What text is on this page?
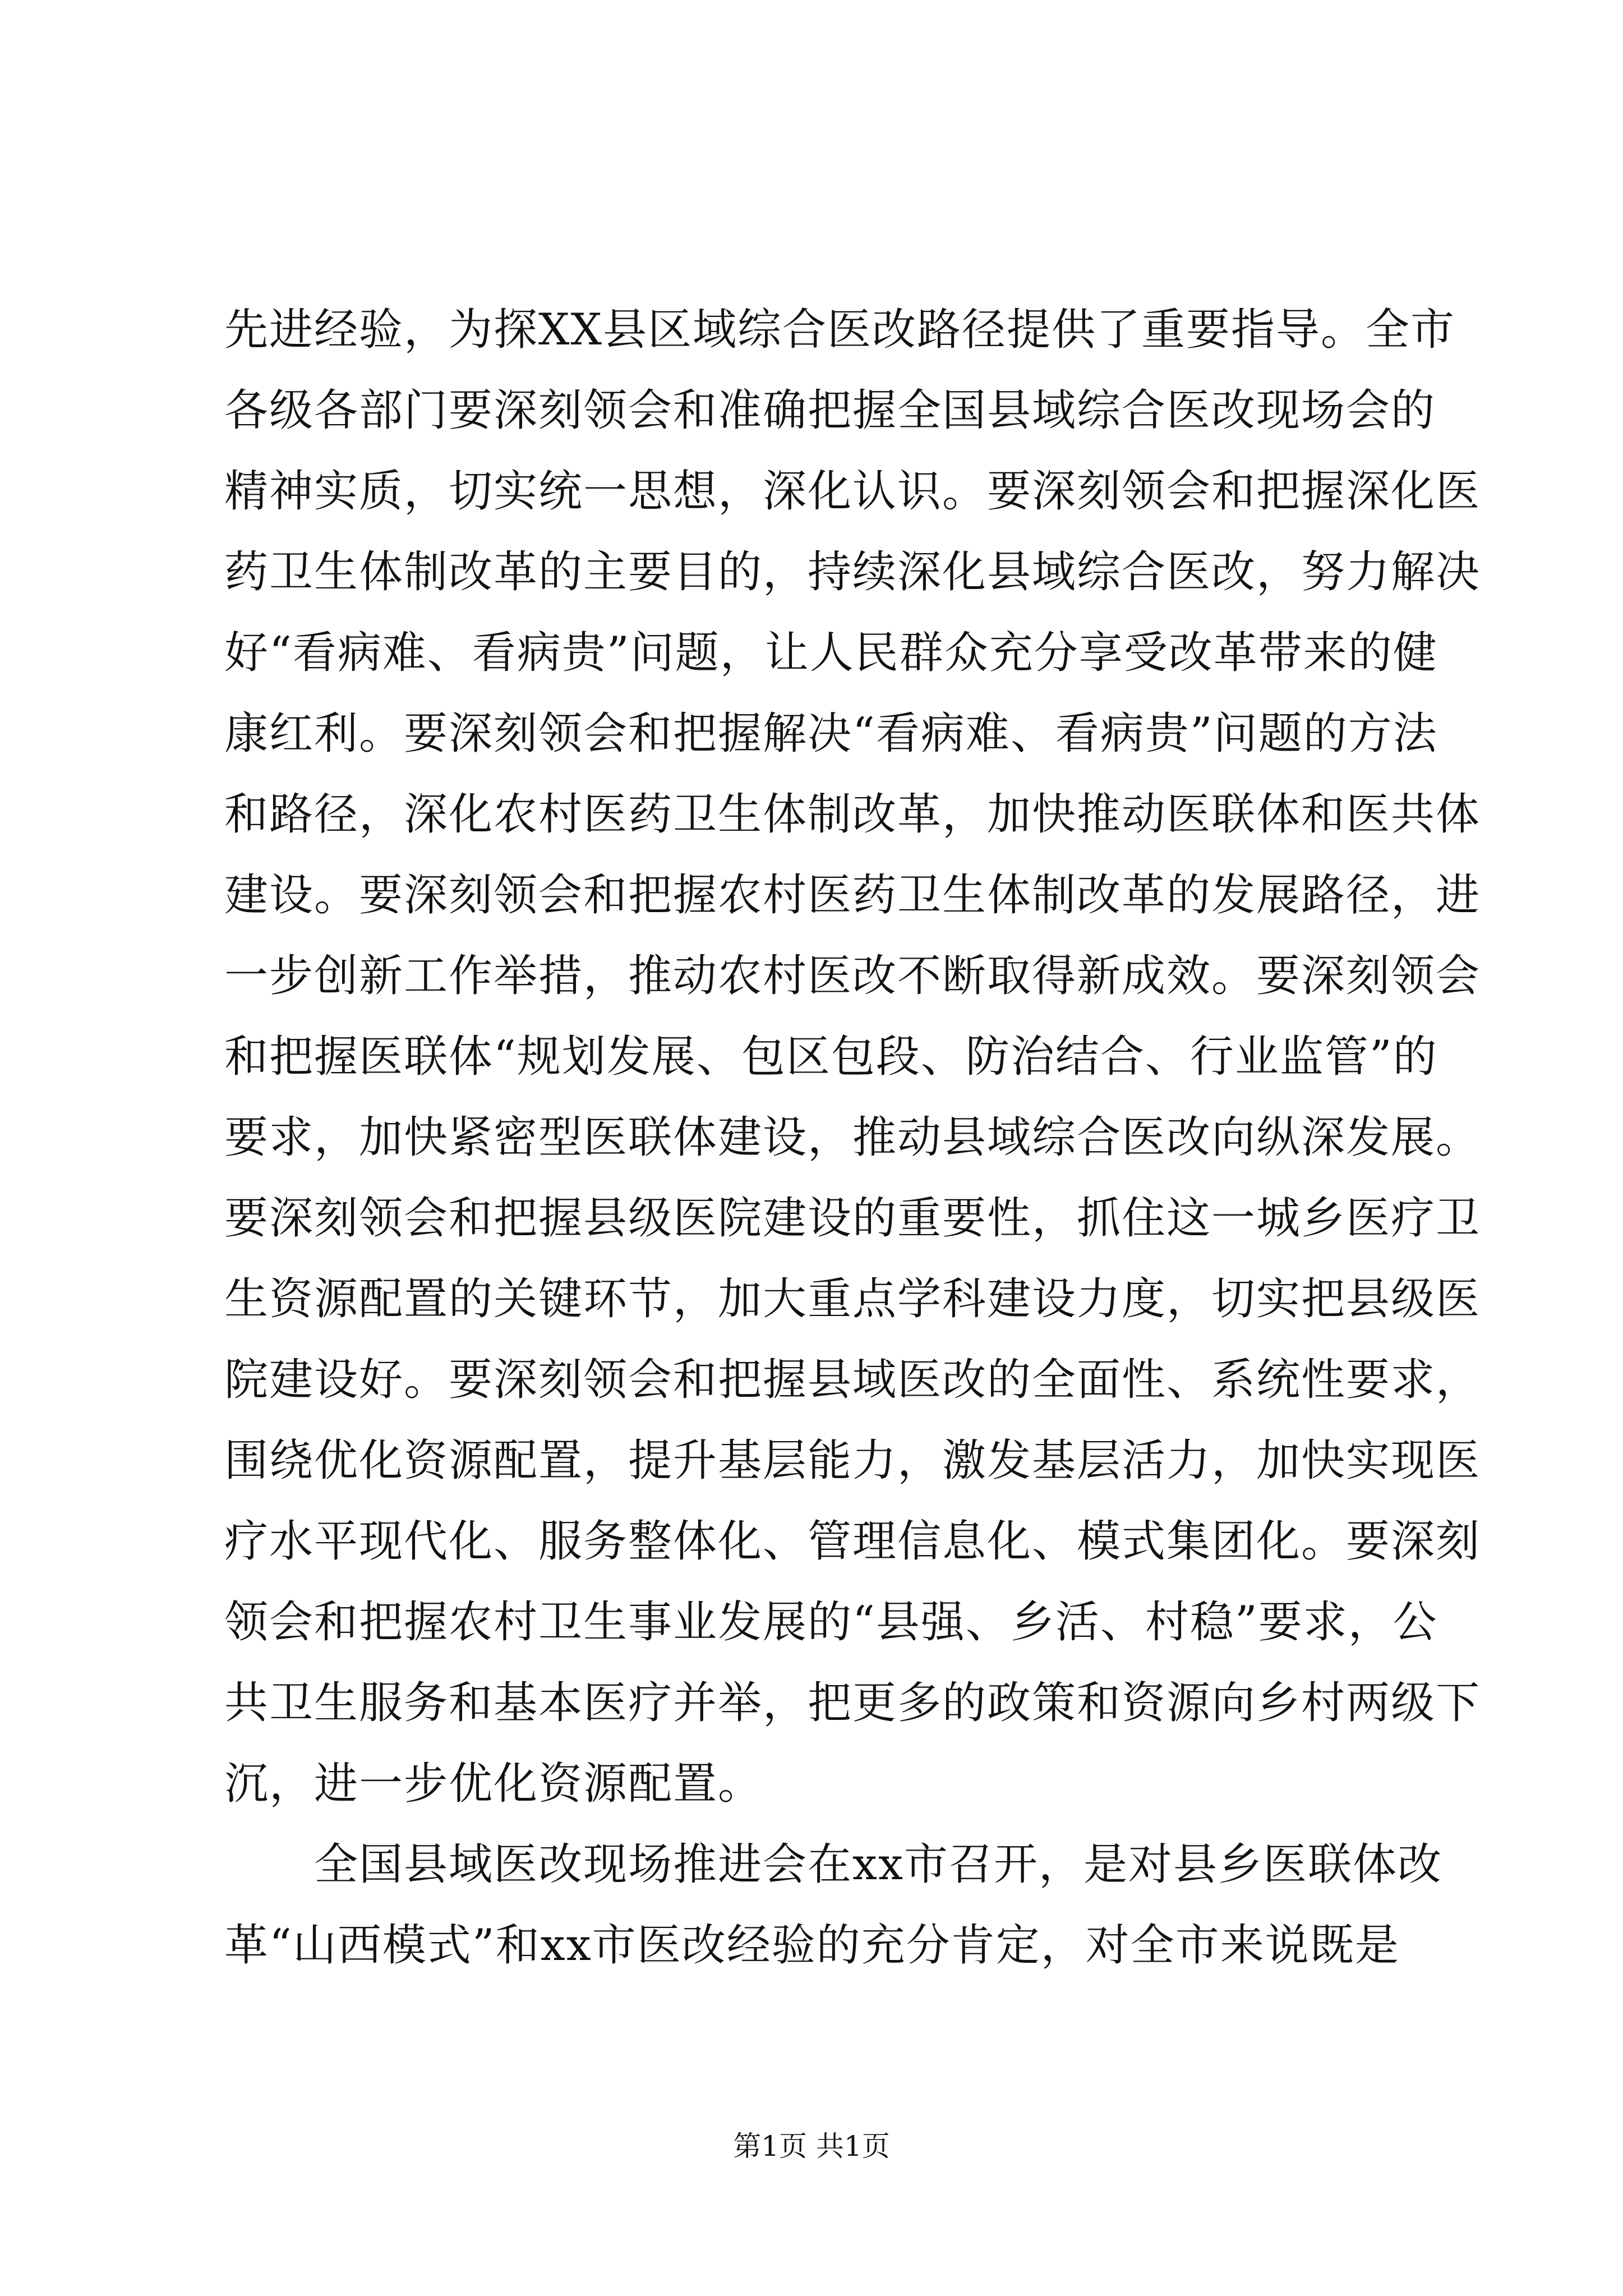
先进经验，为探XX县区域综合医改路径提供了重要指导。全市
各级各部门要深刻领会和准确把握全国县域综合医改现场会的
精神实质，切实统一思想，深化认识。要深刻领会和把握深化医
药卫生体制改革的主要目的，持续深化县域综合医改，努力解决
好“看病难、看病贵”问题，让人民群众充分享受改革带来的健
康红利。要深刻领会和把握解决“看病难、看病贵”问题的方法
和路径，深化农村医药卫生体制改革，加快推动医联体和医共体
建设。要深刻领会和把握农村医药卫生体制改革的发展路径，进
一步创新工作举措，推动农村医改不断取得新成效。要深刻领会
和把握医联体“规划发展、包区包段、防治结合、行业监管”的
要求，加快紧密型医联体建设，推动县域综合医改向纵深发展。
要深刻领会和把握县级医院建设的重要性，抓住这一城乡医疗卫
生资源配置的关键环节，加大重点学科建设力度，切实把县级医
院建设好。要深刻领会和把握县域医改的全面性、系统性要求，
围绕优化资源配置，提升基层能力，激发基层活力，加快实现医
疗水平现代化、服务整体化、管理信息化、模式集团化。要深刻
领会和把握农村卫生事业发展的“县强、乡活、村稳”要求，公
共卫生服务和基本医疗并举，把更多的政策和资源向乡村两级下
沉，进一步优化资源配置。
全国县域医改现场推进会在xx市召开，是对县乡医联体改
革“山西模式”和xx市医改经验的充分肯定，对全市来说既是
第1页 共1页
